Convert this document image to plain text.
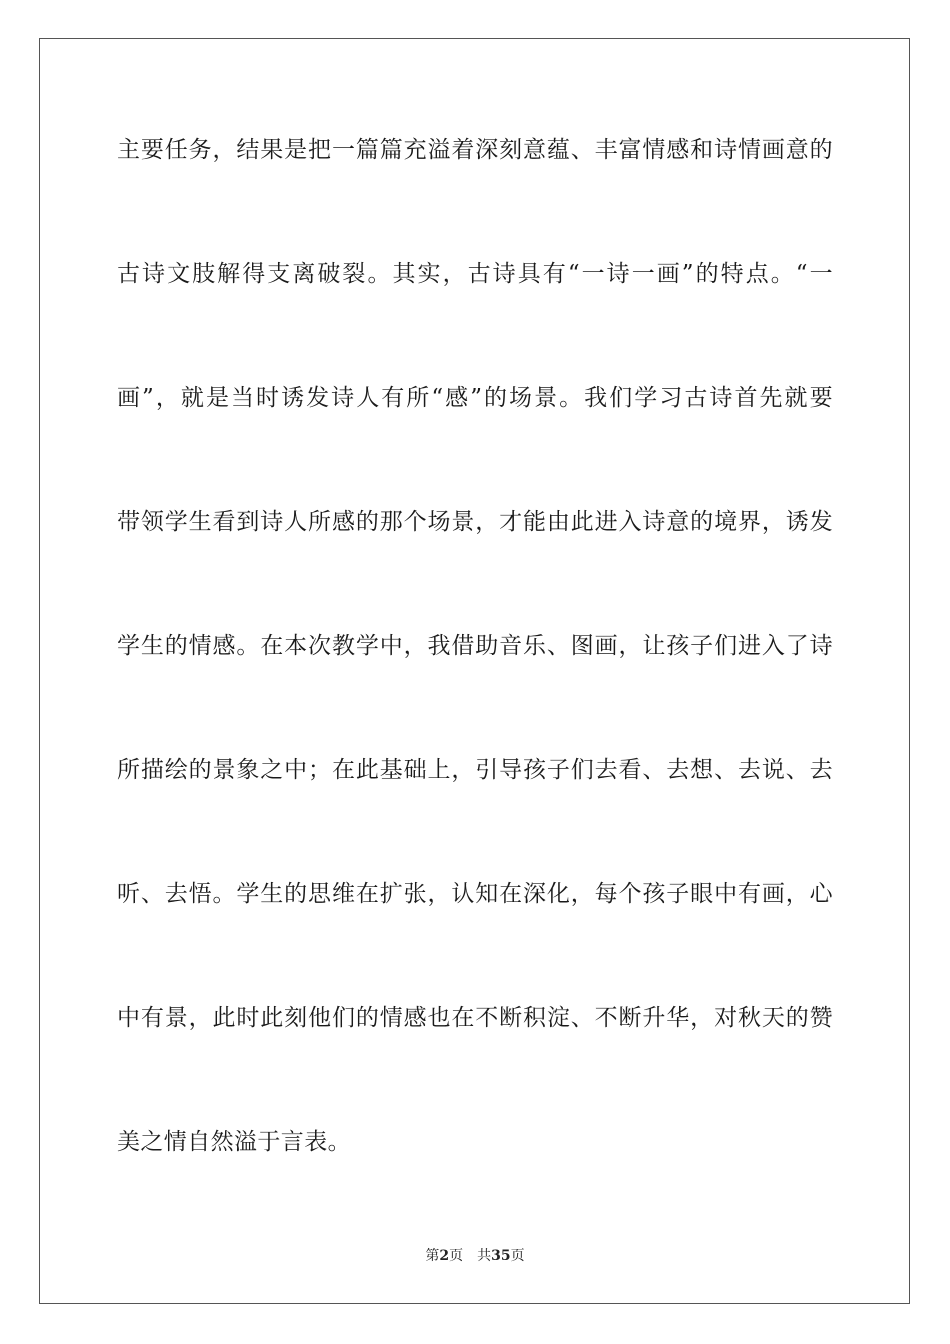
主要任务，结果是把一篇篇充溢着深刻意蕴、丰富情感和诗情画意的
古诗文肢解得支离破裂。其实，古诗具有“一诗一画”的特点。“一
画”，就是当时诱发诗人有所“感”的场景。我们学习古诗首先就要
带领学生看到诗人所感的那个场景，才能由此进入诗意的境界，诱发
学生的情感。在本次教学中，我借助音乐、图画，让孩子们进入了诗
所描绘的景象之中；在此基础上，引导孩子们去看、去想、去说、去
听、去悟。学生的思维在扩张，认知在深化，每个孩子眼中有画，心
中有景，此时此刻他们的情感也在不断积淀、不断升华，对秋天的赞
美之情自然溢于言表。
第2页 共35页
